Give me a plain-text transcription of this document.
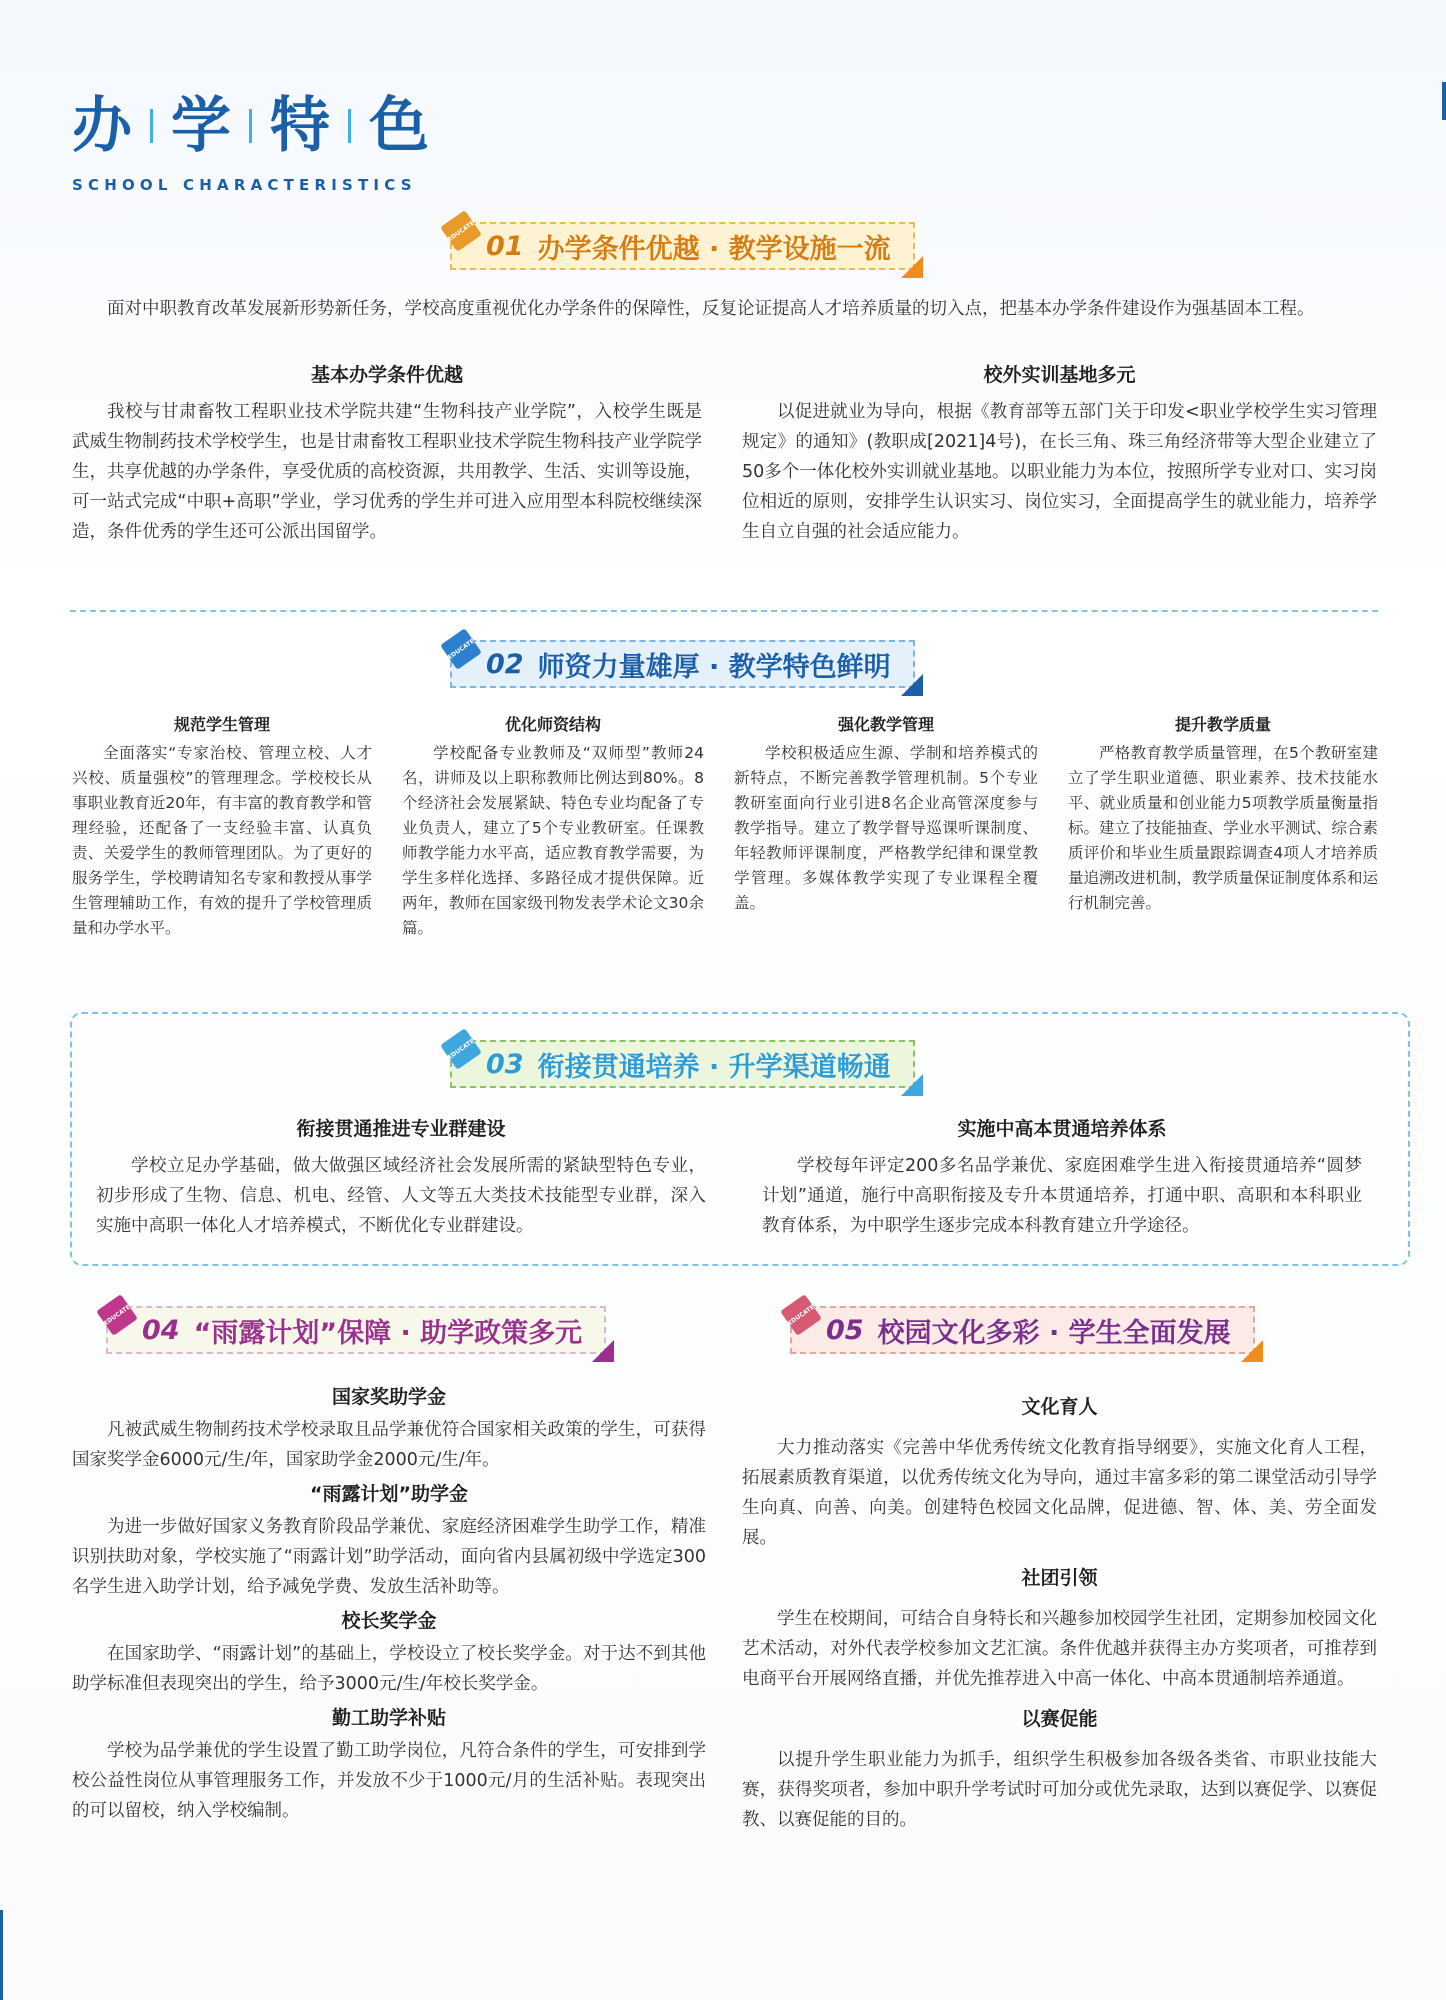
办 学 特 色
SCHOOL CHARACTERISTICS
EDUCATE 01 办学条件优越 · 教学设施一流
面对中职教育改革发展新形势新任务，学校高度重视优化办学条件的保障性，反复论证提高人才培养质量的切入点，把基本办学条件建设作为强基固本工程。
基本办学条件优越
我校与甘肃畜牧工程职业技术学院共建“生物科技产业学院”，入校学生既是武威生物制药技术学校学生，也是甘肃畜牧工程职业技术学院生物科技产业学院学生，共享优越的办学条件，享受优质的高校资源，共用教学、生活、实训等设施，可一站式完成“中职+高职”学业，学习优秀的学生并可进入应用型本科院校继续深造，条件优秀的学生还可公派出国留学。
校外实训基地多元
以促进就业为导向，根据《教育部等五部门关于印发<职业学校学生实习管理规定》的通知》(教职成[2021]4号)，在长三角、珠三角经济带等大型企业建立了50多个一体化校外实训就业基地。以职业能力为本位，按照所学专业对口、实习岗位相近的原则，安排学生认识实习、岗位实习，全面提高学生的就业能力，培养学生自立自强的社会适应能力。
EDUCATE 02 师资力量雄厚 · 教学特色鲜明
规范学生管理
全面落实“专家治校、管理立校、人才兴校、质量强校”的管理理念。学校校长从事职业教育近20年，有丰富的教育教学和管理经验，还配备了一支经验丰富、认真负责、关爱学生的教师管理团队。为了更好的服务学生，学校聘请知名专家和教授从事学生管理辅助工作，有效的提升了学校管理质量和办学水平。
优化师资结构
学校配备专业教师及“双师型”教师24名，讲师及以上职称教师比例达到80%。8个经济社会发展紧缺、特色专业均配备了专业负责人，建立了5个专业教研室。任课教师教学能力水平高，适应教育教学需要，为学生多样化选择、多路径成才提供保障。近两年，教师在国家级刊物发表学术论文30余篇。
强化教学管理
学校积极适应生源、学制和培养模式的新特点，不断完善教学管理机制。5个专业教研室面向行业引进8名企业高管深度参与教学指导。建立了教学督导巡课听课制度、年轻教师评课制度，严格教学纪律和课堂教学管理。多媒体教学实现了专业课程全覆盖。
提升教学质量
严格教育教学质量管理，在5个教研室建立了学生职业道德、职业素养、技术技能水平、就业质量和创业能力5项教学质量衡量指标。建立了技能抽查、学业水平测试、综合素质评价和毕业生质量跟踪调查4项人才培养质量追溯改进机制，教学质量保证制度体系和运行机制完善。
EDUCATE 03 衔接贯通培养 · 升学渠道畅通
衔接贯通推进专业群建设
学校立足办学基础，做大做强区域经济社会发展所需的紧缺型特色专业，初步形成了生物、信息、机电、经管、人文等五大类技术技能型专业群，深入实施中高职一体化人才培养模式，不断优化专业群建设。
实施中高本贯通培养体系
学校每年评定200多名品学兼优、家庭困难学生进入衔接贯通培养“圆梦计划”通道，施行中高职衔接及专升本贯通培养，打通中职、高职和本科职业教育体系，为中职学生逐步完成本科教育建立升学途径。
EDUCATE 04 “雨露计划”保障 · 助学政策多元
国家奖助学金
凡被武威生物制药技术学校录取且品学兼优符合国家相关政策的学生，可获得国家奖学金6000元/生/年，国家助学金2000元/生/年。
“雨露计划”助学金
为进一步做好国家义务教育阶段品学兼优、家庭经济困难学生助学工作，精准识别扶助对象，学校实施了“雨露计划”助学活动，面向省内县属初级中学选定300名学生进入助学计划，给予减免学费、发放生活补助等。
校长奖学金
在国家助学、“雨露计划”的基础上，学校设立了校长奖学金。对于达不到其他助学标准但表现突出的学生，给予3000元/生/年校长奖学金。
勤工助学补贴
学校为品学兼优的学生设置了勤工助学岗位，凡符合条件的学生，可安排到学校公益性岗位从事管理服务工作，并发放不少于1000元/月的生活补贴。表现突出的可以留校，纳入学校编制。
EDUCATE 05 校园文化多彩 · 学生全面发展
文化育人
大力推动落实《完善中华优秀传统文化教育指导纲要》，实施文化育人工程，拓展素质教育渠道，以优秀传统文化为导向，通过丰富多彩的第二课堂活动引导学生向真、向善、向美。创建特色校园文化品牌，促进德、智、体、美、劳全面发展。
社团引领
学生在校期间，可结合自身特长和兴趣参加校园学生社团，定期参加校园文化艺术活动，对外代表学校参加文艺汇演。条件优越并获得主办方奖项者，可推荐到电商平台开展网络直播，并优先推荐进入中高一体化、中高本贯通制培养通道。
以赛促能
以提升学生职业能力为抓手，组织学生积极参加各级各类省、市职业技能大赛，获得奖项者，参加中职升学考试时可加分或优先录取，达到以赛促学、以赛促教、以赛促能的目的。
